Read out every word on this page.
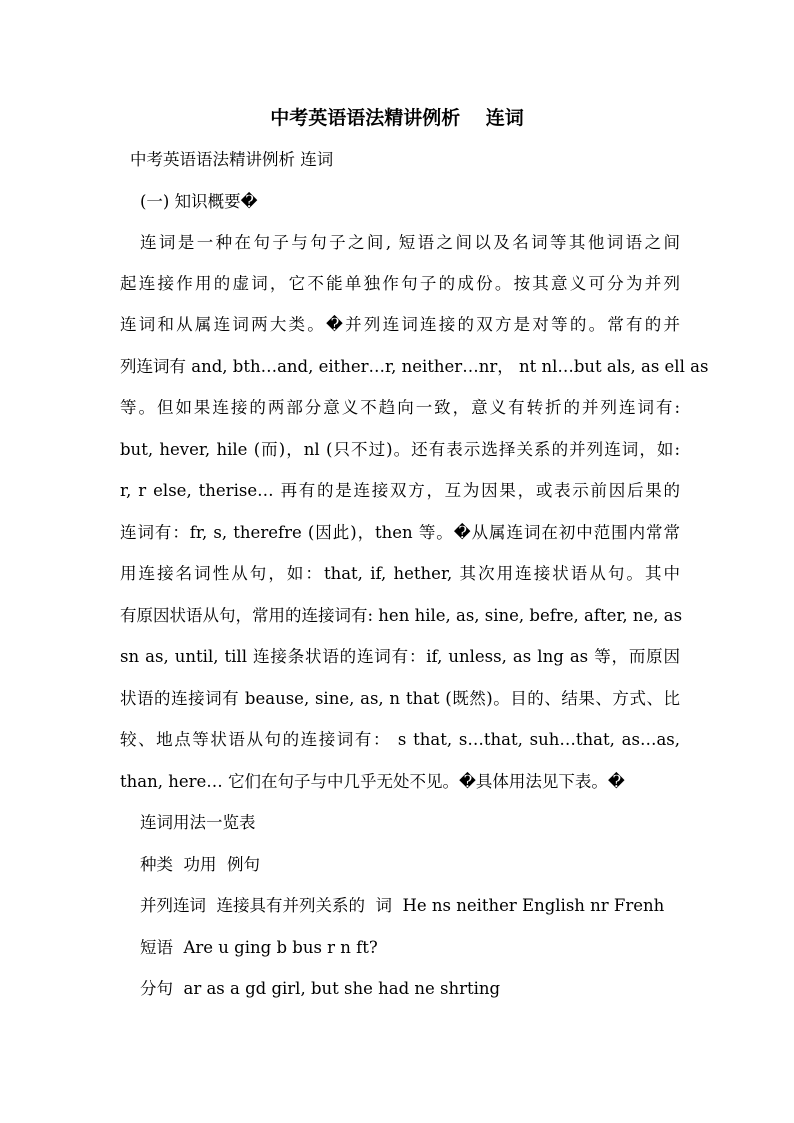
中考英语语法精讲例析 　连词
中考英语语法精讲例析 连词
(一) 知识概要�
连词是一种在句子与句子之间, 短语之间以及名词等其他词语之间
起连接作用的虚词，它不能单独作句子的成份。按其意义可分为并列
连词和从属连词两大类。�并列连词连接的双方是对等的。常有的并
列连词有 and, bth…and, either…r, neither…nr， nt nl…but als, as ell as
等。但如果连接的两部分意义不趋向一致，意义有转折的并列连词有:
but, hever, hile (而)，nl (只不过)。还有表示选择关系的并列连词，如:
r, r else, therise… 再有的是连接双方，互为因果，或表示前因后果的
连词有：fr, s, therefre (因此)，then 等。�从属连词在初中范围内常常
用连接名词性从句，如：that, if, hether, 其次用连接状语从句。其中
有原因状语从句，常用的连接词有: hen hile, as, sine, befre, after, ne, as
sn as, until, till 连接条状语的连词有：if, unless, as lng as 等，而原因
状语的连接词有 beause, sine, as, n that (既然)。目的、结果、方式、比
较、地点等状语从句的连接词有： s that, s…that, suh…that, as…as,
than, here… 它们在句子与中几乎无处不见。�具体用法见下表。�
连词用法一览表
种类  功用  例句
并列连词  连接具有并列关系的  词  He ns neither English nr Frenh
短语  Are u ging b bus r n ft?
分句  ar as a gd girl, but she had ne shrting
